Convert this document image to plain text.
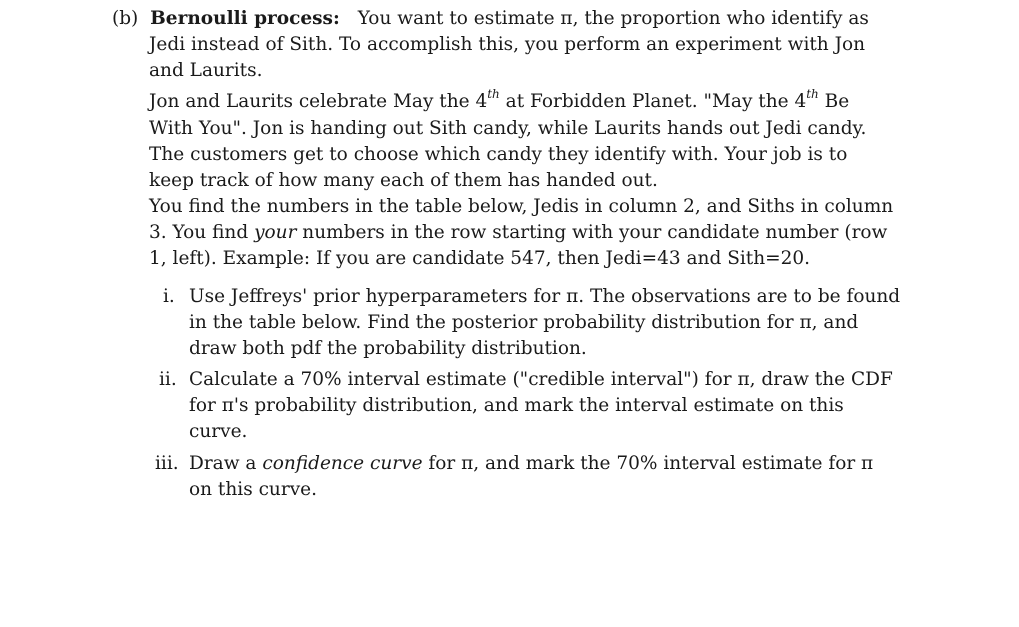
(b) Bernoulli process: You want to estimate π, the proportion who identify as
Jedi instead of Sith. To accomplish this, you perform an experiment with Jon
and Laurits.
Jon and Laurits celebrate May the 4th at Forbidden Planet. "May the 4th Be
With You". Jon is handing out Sith candy, while Laurits hands out Jedi candy.
The customers get to choose which candy they identify with. Your job is to
keep track of how many each of them has handed out.
You find the numbers in the table below, Jedis in column 2, and Siths in column
3. You find your numbers in the row starting with your candidate number (row
1, left). Example: If you are candidate 547, then Jedi=43 and Sith=20.
i. Use Jeffreys' prior hyperparameters for π. The observations are to be found
in the table below. Find the posterior probability distribution for π, and
draw both pdf the probability distribution.
ii. Calculate a 70% interval estimate ("credible interval") for π, draw the CDF
for π's probability distribution, and mark the interval estimate on this
curve.
iii. Draw a confidence curve for π, and mark the 70% interval estimate for π
on this curve.
